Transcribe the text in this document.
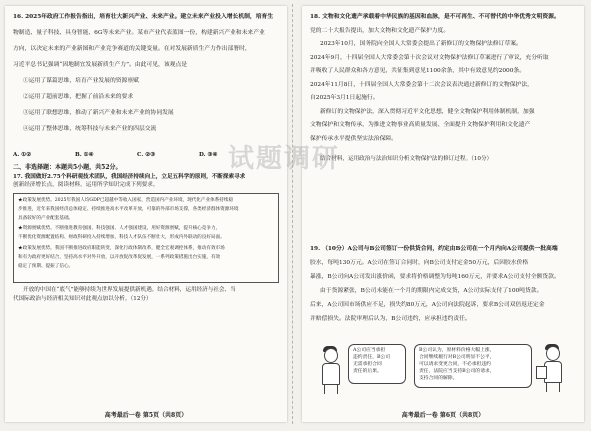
16. 2025年政府工作报告指出，培育壮大新兴产业、未来产业。建立未来产业投入增长机制，培育生
物制造、量子科技、具身智能、6G等未来产业。某市产业代表蓝图一份，构建新兴产业和未来产业
方向，以决定未来的产业新图和产业竞争赛道的关键变量。在对发展新质生产力作出部署时，
习近平总书记强调“因地制宜发展新质生产力”。由此可见，该观点是
①运用了谋篇思维，培育产业发展的资源禀赋
②运用了超前思维，把握了前沿未来的要求
③运用了联想思维，推动了新兴产业和未来产业的协同发展
④运用了整体思维，统筹科技与未来产业的四层交流
A. ①②	B. ①④	C. ②③	D. ③④
二、非选择题：本题共5小题，共52分。
17. 我国做好2.75个科研观技术团队，我国经济持续向上，立足五科学的原则，不断探索寻求
创新经济增长点，阅读材料，运用所学知识完成下列要求。
★政策发展优势。2025年我国人均GDP已超越中等收入国家，营造国内产业环境，现代化产业体系持续稳
步推进，近年来我国经济总体稳定、持续推进高水平改革开放，可靠的外部市场支撑，各类经济群体资源环境
具备较好的产业配套基础。
★资源禀赋优势。不断推进教育强国、科技强国、人才强国建设，用好资源禀赋，提升核心竞争力，
不断优化资源配置结构、财政科研投入持续增加，科技人才队伍不断壮大，形成内外联动的良好局面。
★政策发展优势。我国不断推进政府职能转变，深化行政体制改革，健全宏观调控体系，推动有效市场
和有为政府更好结合，坚持高水平对外开放，以开放促改革促发展，一系列政策措施出台实施，有效
稳定了预期、提振了信心。
开放的中国在“底气”能够持续为世界发展提供新机遇。结合材料，运用经济与社会、当
代国际政治与经济相关知识对此观点加以分析。（12分）
高考最后一卷 第5页（共8页）
18. 文物和文化遗产承载着中华民族的基因和血脉，是不可再生、不可替代的中华优秀文明资源。
党的二十大报告提出，加大文物和文化遗产保护力度。
2023年10月，国务院向全国人大常委会提出了新修订的文物保护法修订草案。
2024年9月，十四届全国人大常委会第十次会议对文物保护法修订草案进行了审议，充分听取
并吸收了人民群众和各方意见，共征集到意见1100余条，其中有效意见约2000条。
2024年11月8日，十四届全国人大常委会第十二次会议表决通过新修订的文物保护法，
自2025年3月1日起施行。
新修订的文物保护法，深入贯彻习近平文化思想，健全文物保护利用体制机制，加强
文物保护和文物传承，为推进文物事业高质量发展、全面提升文物保护利用和文化遗产
保护传承水平提供坚实法治保障。
结合材料，运用政治与法治知识分析文物保护法的修订过程。（10分）
19. （10分）A公司与B公司签订一份供货合同，约定由B公司在一个月内向A公司提供一批高端
胶水，每吨130万元。A公司在签订合同时，向B公司支付定金50万元，后因胶水价格
暴涨，B公司向A公司发出涨价函，要求将价格调整为每吨160万元，并要求A公司支付全额货款。
由于货源紧张，B公司未能在一个月的期限内完成交货，A公司实际支付了100吨货款。
后来，A公司因市场供应不足，损失约80万元，A公司向法院起诉，要求B公司双倍返还定金
并赔偿损失。法院审理后认为，B公司违约，应承担违约责任。
A公司应当承担
违约责任，B公司
无需承担合同
责任的后果。
B公司认为，原材料价格大幅上涨，
合同继续履行对B公司明显不公平，
可以请求变更合同，不必承担违约
责任，法院应当支持B公司的请求，
支持合同的解除。
高考最后一卷 第6页（共8页）
试题调研
